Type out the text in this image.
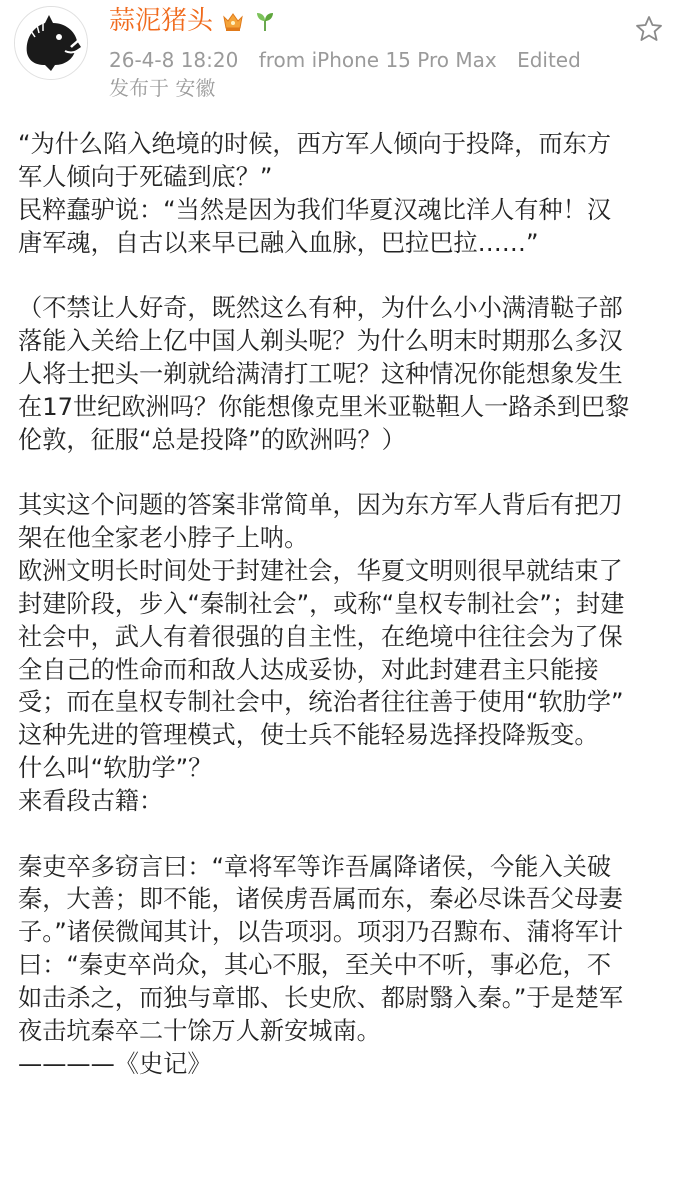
蒜泥猪头
26-4-8 18:20 from iPhone 15 Pro Max Edited
发布于 安徽

“为什么陷入绝境的时候，西方军人倾向于投降，而东方

军人倾向于死磕到底？”

民粹蠢驴说：“当然是因为我们华夏汉魂比洋人有种！汉

唐军魂，自古以来早已融入血脉，巴拉巴拉……”

（不禁让人好奇，既然这么有种，为什么小小满清鞑子部

落能入关给上亿中国人剃头呢？为什么明末时期那么多汉

人将士把头一剃就给满清打工呢？这种情况你能想象发生

在17世纪欧洲吗？你能想像克里米亚鞑靼人一路杀到巴黎

伦敦，征服“总是投降”的欧洲吗？）

其实这个问题的答案非常简单，因为东方军人背后有把刀

架在他全家老小脖子上呐。

欧洲文明长时间处于封建社会，华夏文明则很早就结束了

封建阶段，步入“秦制社会”，或称“皇权专制社会”；封建

社会中，武人有着很强的自主性，在绝境中往往会为了保

全自己的性命而和敌人达成妥协，对此封建君主只能接

受；而在皇权专制社会中，统治者往往善于使用“软肋学”

这种先进的管理模式，使士兵不能轻易选择投降叛变。

什么叫“软肋学”？

来看段古籍：

秦吏卒多窃言曰：“章将军等诈吾属降诸侯，今能入关破

秦，大善；即不能，诸侯虏吾属而东，秦必尽诛吾父母妻

子。”诸侯微闻其计，以告项羽。项羽乃召黥布、蒲将军计

曰：“秦吏卒尚众，其心不服，至关中不听，事必危，不

如击杀之，而独与章邯、长史欣、都尉翳入秦。”于是楚军

夜击坑秦卒二十馀万人新安城南。

————《史记》
